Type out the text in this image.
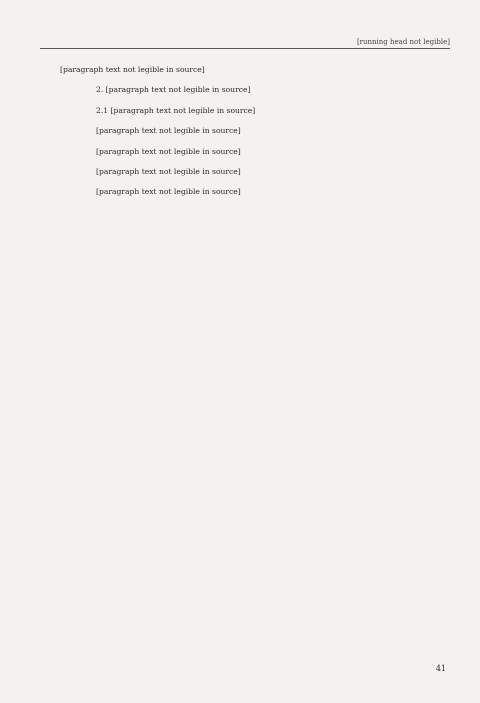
[running head not legible]

[paragraph text not legible in source]

2. [paragraph text not legible in source]

2.1 [paragraph text not legible in source]

[paragraph text not legible in source]

[paragraph text not legible in source]

[paragraph text not legible in source]

[paragraph text not legible in source]

41
